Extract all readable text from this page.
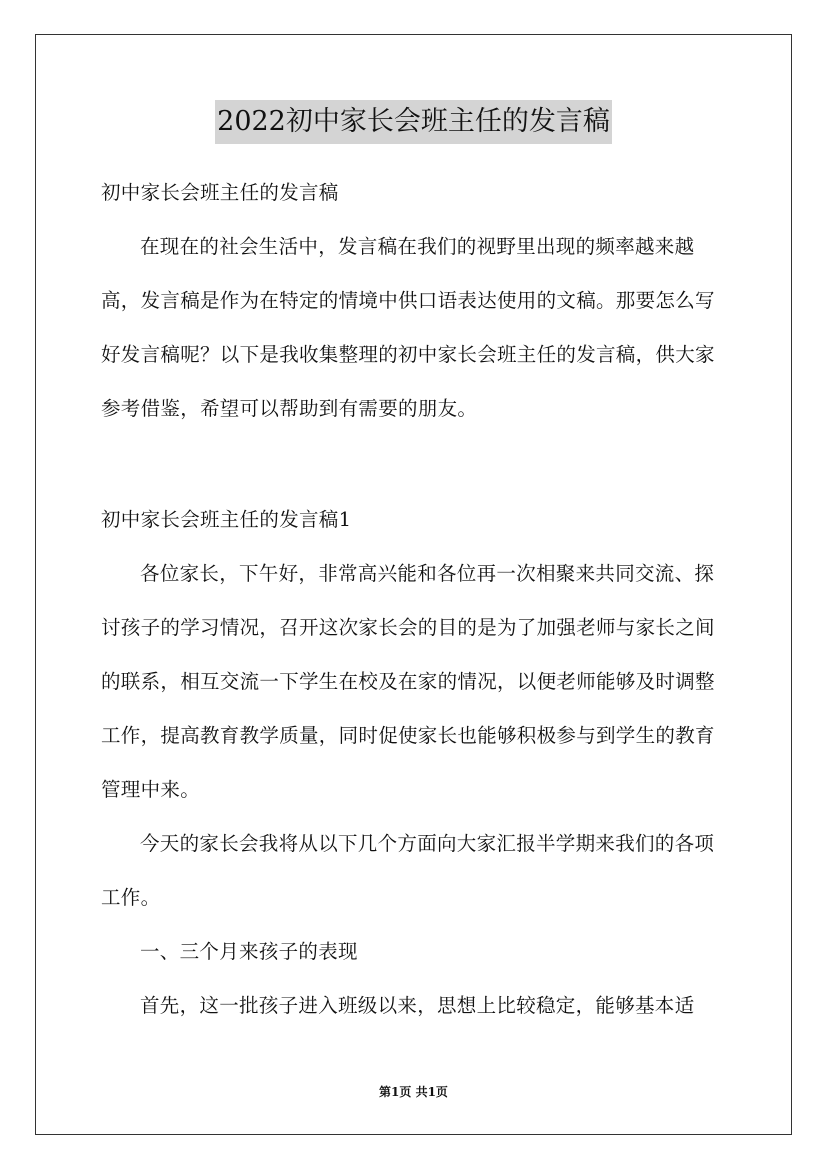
2022初中家长会班主任的发言稿

初中家长会班主任的发言稿

在现在的社会生活中，发言稿在我们的视野里出现的频率越来越高，发言稿是作为在特定的情境中供口语表达使用的文稿。那要怎么写好发言稿呢？以下是我收集整理的初中家长会班主任的发言稿，供大家参考借鉴，希望可以帮助到有需要的朋友。

初中家长会班主任的发言稿1

各位家长，下午好，非常高兴能和各位再一次相聚来共同交流、探讨孩子的学习情况，召开这次家长会的目的是为了加强老师与家长之间的联系，相互交流一下学生在校及在家的情况，以便老师能够及时调整工作，提高教育教学质量，同时促使家长也能够积极参与到学生的教育管理中来。

今天的家长会我将从以下几个方面向大家汇报半学期来我们的各项工作。

一、三个月来孩子的表现

首先，这一批孩子进入班级以来，思想上比较稳定，能够基本适

第1页 共1页
